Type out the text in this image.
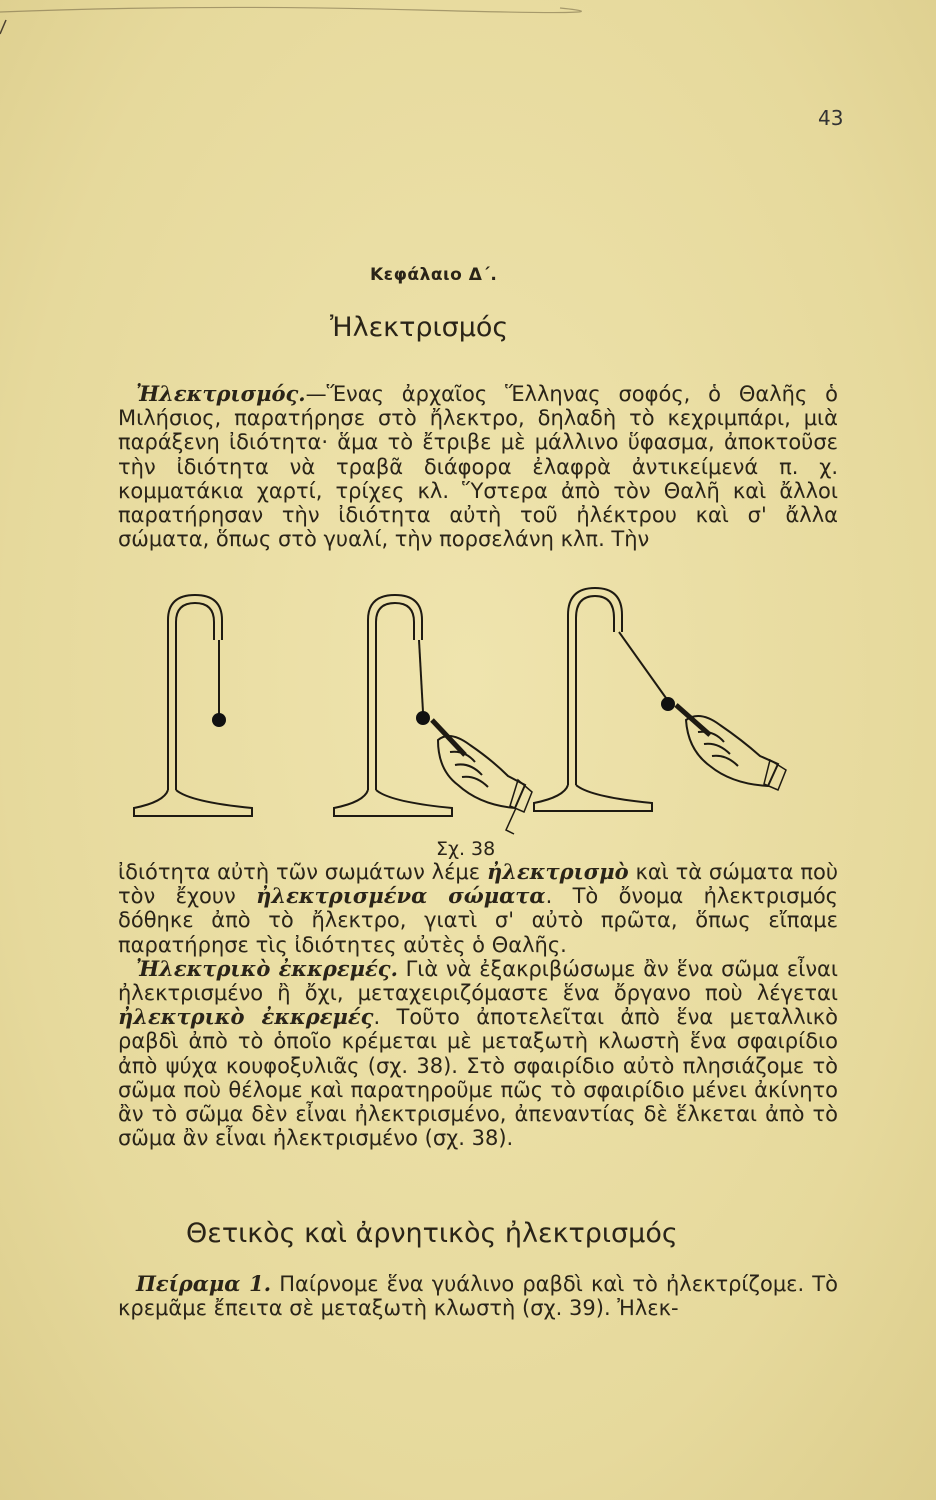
43
Κεφάλαιο Δ΄.
Ἠλεκτρισμός

Ἠλεκτρισμός.—Ἕνας ἀρχαῖος Ἕλληνας σοφός, ὁ Θαλῆς ὁ Μιλήσιος, παρατήρησε στὸ ἤλεκτρο, δηλαδὴ τὸ κεχριμπάρι, μιὰ παράξενη ἰδιότητα· ἅμα τὸ ἔτριβε μὲ μάλλινο ὕφασμα, ἀποκτοῦσε τὴν ἰδιότητα νὰ τραβᾶ διάφορα ἐλαφρὰ ἀντικείμενά π. χ. κομματάκια χαρτί, τρίχες κλ. Ὕστερα ἀπὸ τὸν Θαλῆ καὶ ἄλλοι παρατήρησαν τὴν ἰδιότητα αὐτὴ τοῦ ἠλέκτρου καὶ σ' ἄλλα σώματα, ὅπως στὸ γυαλί, τὴν πορσελάνη κλπ. Τὴν

Σχ. 38

ἰδιότητα αὐτὴ τῶν σωμάτων λέμε ἠλεκτρισμὸ καὶ τὰ σώματα ποὺ τὸν ἔχουν ἠλεκτρισμένα σώματα. Τὸ ὄνομα ἠλεκτρισμός δόθηκε ἀπὸ τὸ ἤλεκτρο, γιατὶ σ' αὐτὸ πρῶτα, ὅπως εἴπαμε παρατήρησε τὶς ἰδιότητες αὐτὲς ὁ Θαλῆς.

Ἠλεκτρικὸ ἐκκρεμές. Γιὰ νὰ ἐξακριβώσωμε ἂν ἕνα σῶμα εἶναι ἠλεκτρισμένο ἢ ὄχι, μεταχειριζόμαστε ἕνα ὄργανο ποὺ λέγεται ἠλεκτρικὸ ἐκκρεμές. Τοῦτο ἀποτελεῖται ἀπὸ ἕνα μεταλλικὸ ραβδὶ ἀπὸ τὸ ὁποῖο κρέμεται μὲ μεταξωτὴ κλωστὴ ἕνα σφαιρίδιο ἀπὸ ψύχα κουφοξυλιᾶς (σχ. 38). Στὸ σφαιρίδιο αὐτὸ πλησιάζομε τὸ σῶμα ποὺ θέλομε καὶ παρατηροῦμε πῶς τὸ σφαιρίδιο μένει ἀκίνητο ἂν τὸ σῶμα δὲν εἶναι ἠλεκτρισμένο, ἀπεναντίας δὲ ἕλκεται ἀπὸ τὸ σῶμα ἂν εἶναι ἠλεκτρισμένο (σχ. 38).

Θετικὸς καὶ ἀρνητικὸς ἠλεκτρισμός

Πείραμα 1. Παίρνομε ἕνα γυάλινο ραβδὶ καὶ τὸ ἠλεκτρίζομε. Τὸ κρεμᾶμε ἔπειτα σὲ μεταξωτὴ κλωστὴ (σχ. 39). Ἠλεκ-
